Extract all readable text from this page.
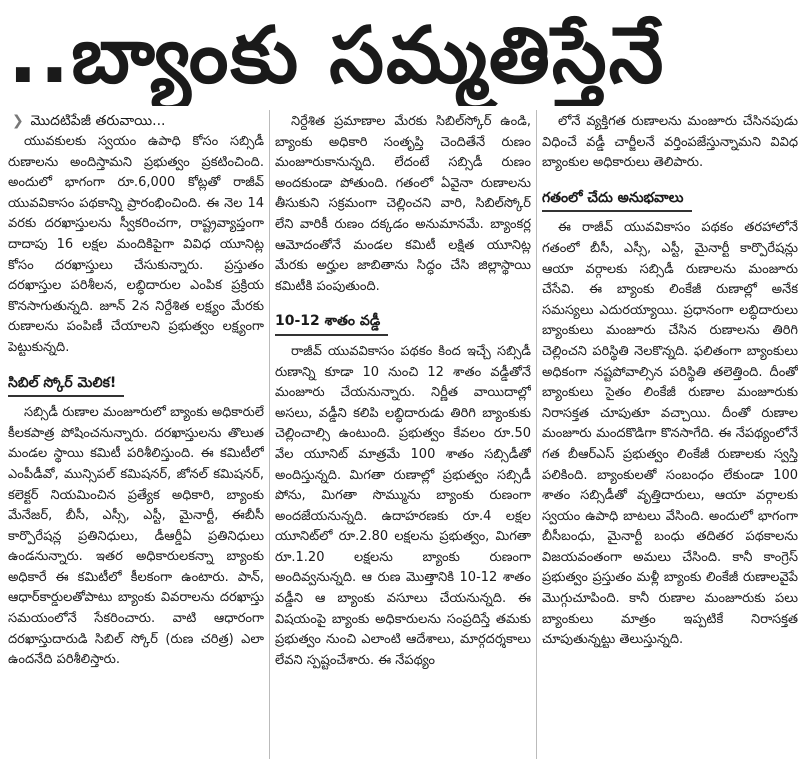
..బ్యాంకు సమ్మతిస్తేనే
❯ మొదటిపేజీ తరువాయి...

యువకులకు స్వయం ఉపాధి కోసం సబ్సిడీ రుణాలను అందిస్తామని ప్రభుత్వం ప్రకటించింది. అందులో భాగంగా రూ.6,000 కోట్లతో రాజీవ్ యువవికాసం పథకాన్ని ప్రారంభించింది. ఈ నెల 14 వరకు దరఖాస్తులను స్వీకరించగా, రాష్ట్రవ్యాప్తంగా దాదాపు 16 లక్షల మందికిపైగా వివిధ యూనిట్ల కోసం దరఖాస్తులు చేసుకున్నారు. ప్రస్తుతం దరఖాస్తుల పరిశీలన, లబ్ధిదారుల ఎంపిక ప్రక్రియ కొనసాగుతున్నది. జూన్ 2న నిర్దేశిత లక్ష్యం మేరకు రుణాలను పంపిణీ చేయాలని ప్రభుత్వం లక్ష్యంగా పెట్టుకున్నది.

సిబిల్ స్కోర్ మెలిక!

సబ్సిడీ రుణాల మంజూరులో బ్యాంకు అధికారులే కీలకపాత్ర పోషించనున్నారు. దరఖాస్తులను తొలుత మండల స్థాయి కమిటీ పరిశీలిస్తుంది. ఈ కమిటీలో ఎంపీడీవో, మున్సిపల్ కమిషనర్, జోనల్ కమిషనర్, కలెక్టర్ నియమించిన ప్రత్యేక అధికారి, బ్యాంకు మేనేజర్, బీసీ, ఎస్సీ, ఎస్టీ, మైనార్టీ, ఈబీసీ కార్పొరేషన్ల ప్రతినిధులు, డీఆర్డీఏ ప్రతినిధులు ఉండనున్నారు. ఇతర అధికారులకన్నా బ్యాంకు అధికారే ఈ కమిటీలో కీలకంగా ఉంటారు. పాన్, ఆధార్‌కార్డులతోపాటు బ్యాంకు వివరాలను దరఖాస్తు సమయంలోనే సేకరించారు. వాటి ఆధారంగా దరఖాస్తుదారుడి సిబిల్ స్కోర్ (రుణ చరిత్ర) ఎలా ఉందనేది పరిశీలిస్తారు.

నిర్దేశిత ప్రమాణాల మేరకు సిబిల్‌స్కోర్ ఉండి, బ్యాంకు అధికారి సంతృప్తి చెందితేనే రుణం మంజూరుకానున్నది. లేదంటే సబ్సిడీ రుణం అందకుండా పోతుంది. గతంలో ఏవైనా రుణాలను తీసుకుని సక్రమంగా చెల్లించని వారి, సిబిల్‌స్కోర్ లేని వారికీ రుణం దక్కడం అనుమానమే. బ్యాంకర్ల ఆమోదంతోనే మండల కమిటీ లక్షిత యూనిట్ల మేరకు అర్హుల జాబితాను సిద్ధం చేసి జిల్లాస్థాయి కమిటీకి పంపుతుంది.

10-12 శాతం వడ్డీ

రాజీవ్ యువవికాసం పథకం కింద ఇచ్చే సబ్సిడీ రుణాన్ని కూడా 10 నుంచి 12 శాతం వడ్డీతోనే మంజూరు చేయనున్నారు. నిర్ణీత వాయిదాల్లో అసలు, వడ్డీని కలిపి లబ్ధిదారుడు తిరిగి బ్యాంకుకు చెల్లించాల్సి ఉంటుంది. ప్రభుత్వం కేవలం రూ.50 వేల యూనిట్ మాత్రమే 100 శాతం సబ్సిడీతో అందిస్తున్నది. మిగతా రుణాల్లో ప్రభుత్వం సబ్సిడీ పోను, మిగతా సొమ్మును బ్యాంకు రుణంగా అందజేయనున్నది. ఉదాహరణకు రూ.4 లక్షల యూనిట్‌లో రూ.2.80 లక్షలను ప్రభుత్వం, మిగతా రూ.1.20 లక్షలను బ్యాంకు రుణంగా అందివ్వనున్నది. ఆ రుణ మొత్తానికి 10-12 శాతం వడ్డీని ఆ బ్యాంకు వసూలు చేయనున్నది. ఈ విషయంపై బ్యాంకు అధికారులను సంప్రదిస్తే తమకు ప్రభుత్వం నుంచి ఎలాంటి ఆదేశాలు, మార్గదర్శకాలు లేవని స్పష్టంచేశారు. ఈ నేపథ్యం

లోనే వ్యక్తిగత రుణాలను మంజూరు చేసినపుడు విధించే వడ్డీ చార్జీలనే వర్తింపజేస్తున్నామని వివిధ బ్యాంకుల అధికారులు తెలిపారు.

గతంలో చేదు అనుభవాలు

ఈ రాజీవ్ యువవికాసం పథకం తరహాలోనే గతంలో బీసీ, ఎస్సీ, ఎస్టీ, మైనార్టీ కార్పొరేషన్లు ఆయా వర్గాలకు సబ్సిడీ రుణాలను మంజూరు చేసేవి. ఈ బ్యాంకు లింకేజీ రుణాల్లో అనేక సమస్యలు ఎదురయ్యాయి. ప్రధానంగా లబ్ధిదారులు బ్యాంకులు మంజూరు చేసిన రుణాలను తిరిగి చెల్లించని పరిస్థితి నెలకొన్నది. ఫలితంగా బ్యాంకులు అధికంగా నష్టపోవాల్సిన పరిస్థితి తలెత్తింది. దీంతో బ్యాంకులు సైతం లింకేజీ రుణాల మంజూరుకు నిరాసక్తత చూపుతూ వచ్చాయి. దీంతో రుణాల మంజూరు మందకొడిగా కొనసాగేది. ఈ నేపథ్యంలోనే గత బీఆర్ఎస్ ప్రభుత్వం లింకేజీ రుణాలకు స్వస్తి పలికింది. బ్యాంకులతో సంబంధం లేకుండా 100 శాతం సబ్సిడీతో వృత్తిదారులు, ఆయా వర్గాలకు స్వయం ఉపాధి బాటలు వేసింది. అందులో భాగంగా బీసీబంధు, మైనార్టీ బంధు తదితర పథకాలను విజయవంతంగా అమలు చేసింది. కానీ కాంగ్రెస్ ప్రభుత్వం ప్రస్తుతం మళ్లీ బ్యాంకు లింకేజీ రుణాలవైపే మొగ్గుచూపింది. కానీ రుణాల మంజూరుకు పలు బ్యాంకులు మాత్రం ఇప్పటికే నిరాసక్తత చూపుతున్నట్టు తెలుస్తున్నది.
